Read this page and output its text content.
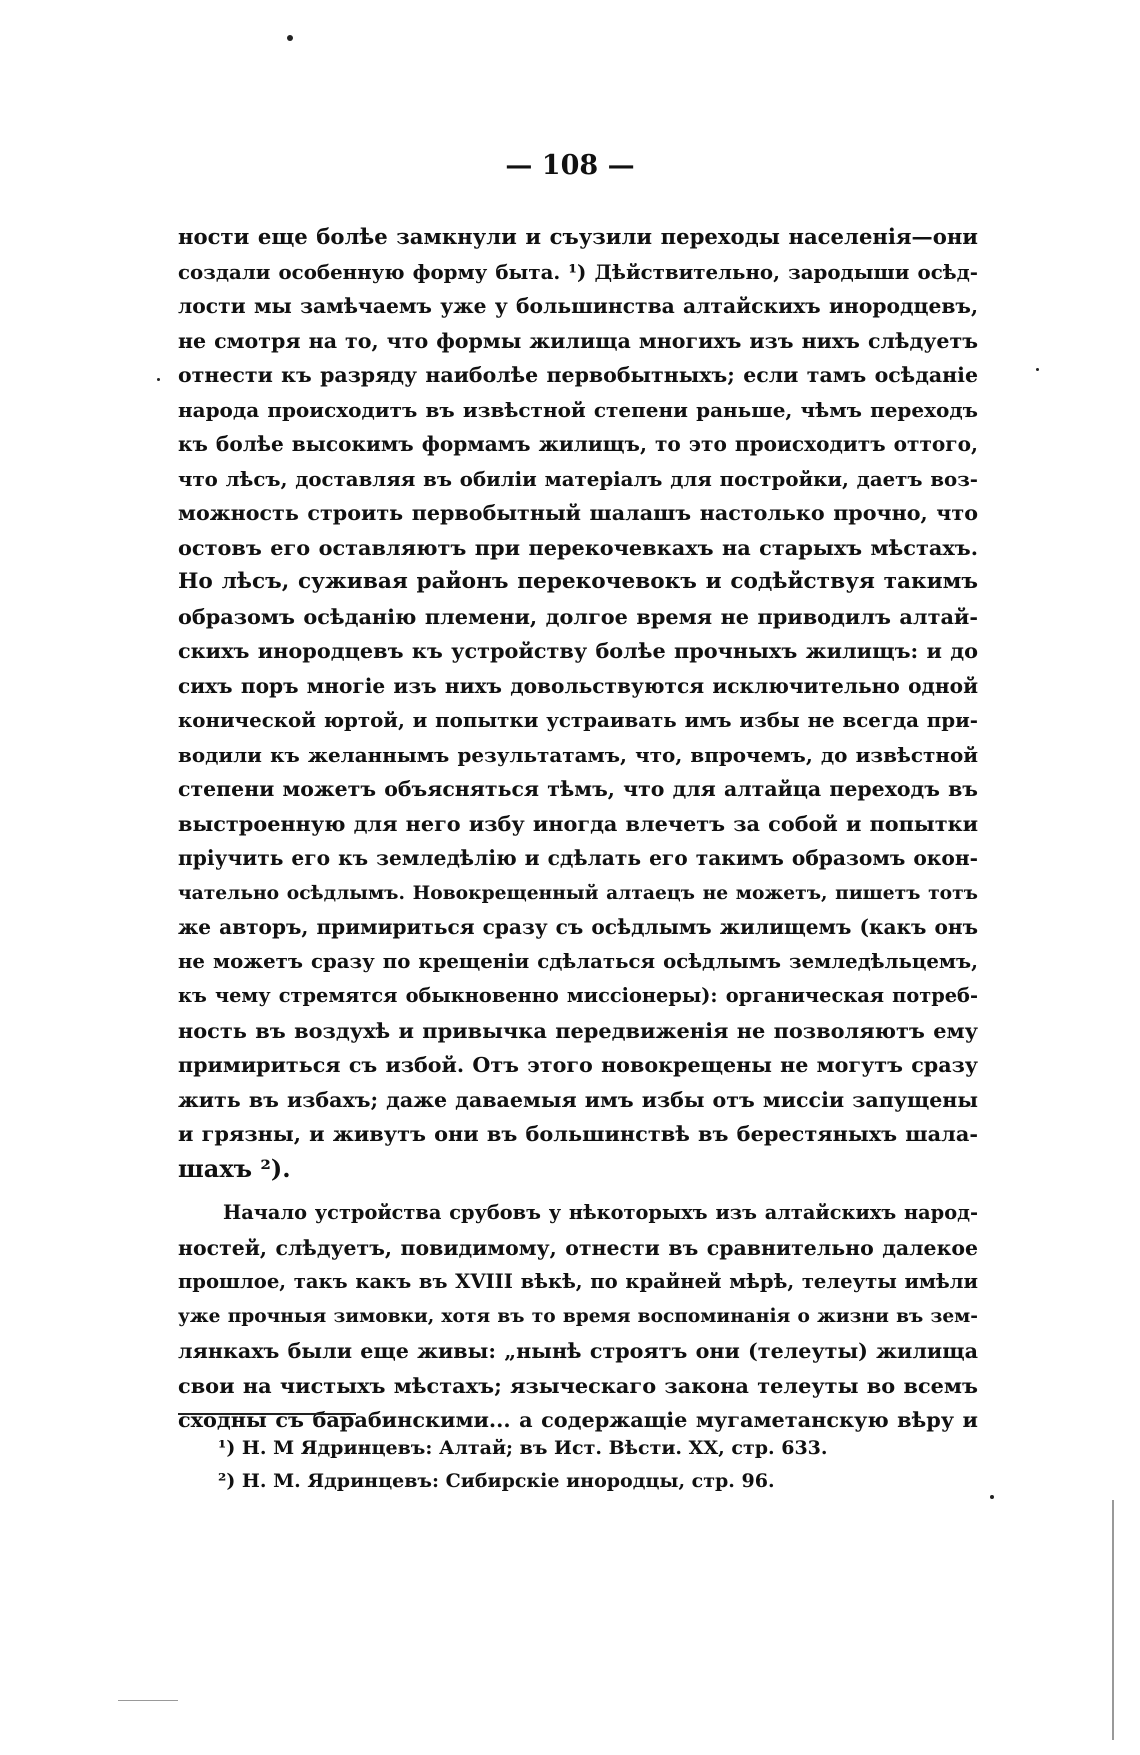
— 108 —
ности еще болѣе замкнули и съузили переходы населенія—они
создали особенную форму быта. ¹) Дѣйствительно, зародыши осѣд-
лости мы замѣчаемъ уже у большинства алтайскихъ инородцевъ,
не смотря на то, что формы жилища многихъ изъ нихъ слѣдуетъ
отнести къ разряду наиболѣе первобытныхъ; если тамъ осѣданіе
народа происходитъ въ извѣстной степени раньше, чѣмъ переходъ
къ болѣе высокимъ формамъ жилищъ, то это происходитъ оттого,
что лѣсъ, доставляя въ обиліи матеріалъ для постройки, даетъ воз-
можность строить первобытный шалашъ настолько прочно, что
остовъ его оставляютъ при перекочевкахъ на старыхъ мѣстахъ.
Но лѣсъ, суживая районъ перекочевокъ и содѣйствуя такимъ
образомъ осѣданію племени, долгое время не приводилъ алтай-
скихъ инородцевъ къ устройству болѣе прочныхъ жилищъ: и до
сихъ поръ многіе изъ нихъ довольствуются исключительно одной
конической юртой, и попытки устраивать имъ избы не всегда при-
водили къ желаннымъ результатамъ, что, впрочемъ, до извѣстной
степени можетъ объясняться тѣмъ, что для алтайца переходъ въ
выстроенную для него избу иногда влечетъ за собой и попытки
пріучить его къ земледѣлію и сдѣлать его такимъ образомъ окон-
чательно осѣдлымъ. Новокрещенный алтаецъ не можетъ, пишетъ тотъ
же авторъ, примириться сразу съ осѣдлымъ жилищемъ (какъ онъ
не можетъ сразу по крещеніи сдѣлаться осѣдлымъ земледѣльцемъ,
къ чему стремятся обыкновенно миссіонеры): органическая потреб-
ность въ воздухѣ и привычка передвиженія не позволяютъ ему
примириться съ избой. Отъ этого новокрещены не могутъ сразу
жить въ избахъ; даже даваемыя имъ избы отъ миссіи запущены
и грязны, и живутъ они въ большинствѣ въ берестяныхъ шала-
шахъ ²).
Начало устройства срубовъ у нѣкоторыхъ изъ алтайскихъ народ-
ностей, слѣдуетъ, повидимому, отнести въ сравнительно далекое
прошлое, такъ какъ въ XVIII вѣкѣ, по крайней мѣрѣ, телеуты имѣли
уже прочныя зимовки, хотя въ то время воспоминанія о жизни въ зем-
лянкахъ были еще живы: „нынѣ строятъ они (телеуты) жилища
свои на чистыхъ мѣстахъ; языческаго закона телеуты во всемъ
сходны съ барабинскими... а содержащіе мугаметанскую вѣру и
¹) Н. М Ядринцевъ: Алтай; въ Ист. Вѣсти. XX, стр. 633.
²) Н. М. Ядринцевъ: Сибирскіе инородцы, стр. 96.
